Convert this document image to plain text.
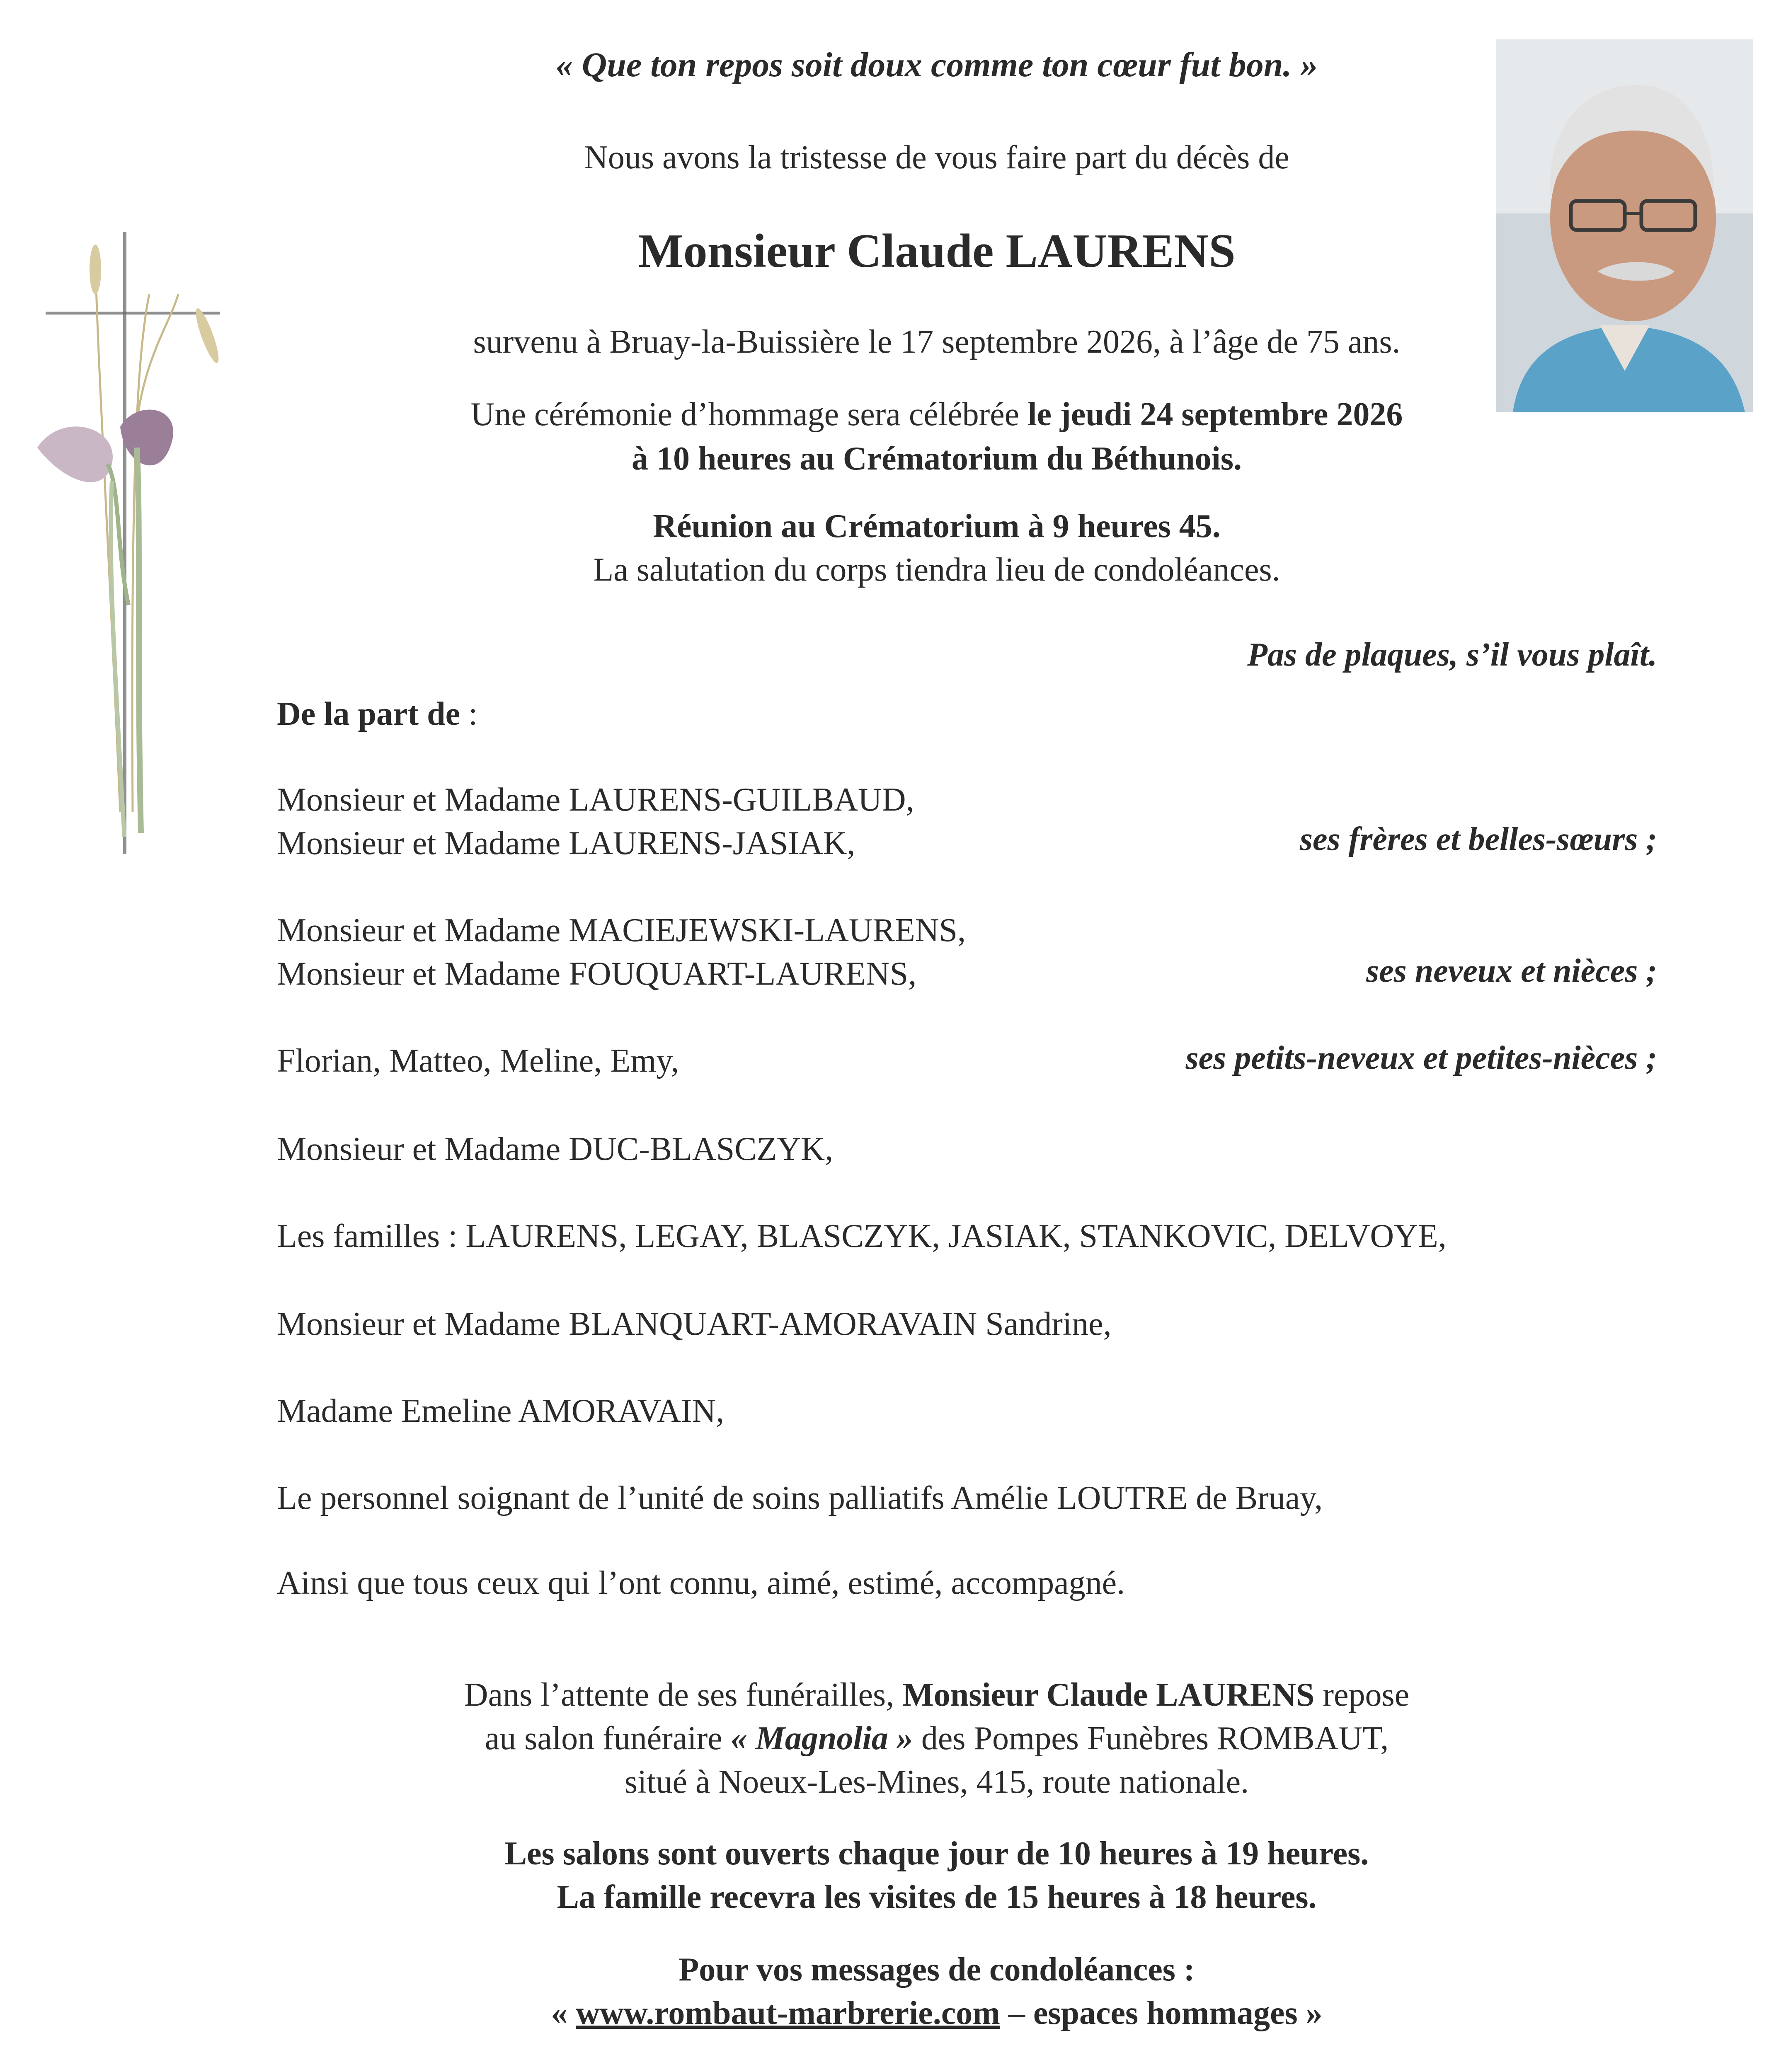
« Que ton repos soit doux comme ton cœur fut bon. »
Nous avons la tristesse de vous faire part du décès de
Monsieur Claude LAURENS
survenu à Bruay-la-Buissière le 17 septembre 2026, à l’âge de 75 ans.
Une cérémonie d’hommage sera célébrée le jeudi 24 septembre 2026
à 10 heures au Crématorium du Béthunois.
Réunion au Crématorium à 9 heures 45.
La salutation du corps tiendra lieu de condoléances.
Pas de plaques, s’il vous plaît.
De la part de :
Monsieur et Madame LAURENS-GUILBAUD,
Monsieur et Madame LAURENS-JASIAK,	ses frères et belles-sœurs ;
Monsieur et Madame MACIEJEWSKI-LAURENS,
Monsieur et Madame FOUQUART-LAURENS,	ses neveux et nièces ;
Florian, Matteo, Meline, Emy,	ses petits-neveux et petites-nièces ;
Monsieur et Madame DUC-BLASCZYK,
Les familles : LAURENS, LEGAY, BLASCZYK, JASIAK, STANKOVIC, DELVOYE,
Monsieur et Madame BLANQUART-AMORAVAIN Sandrine,
Madame Emeline AMORAVAIN,
Le personnel soignant de l’unité de soins palliatifs Amélie LOUTRE de Bruay,
Ainsi que tous ceux qui l’ont connu, aimé, estimé, accompagné.
Dans l’attente de ses funérailles, Monsieur Claude LAURENS repose
au salon funéraire « Magnolia » des Pompes Funèbres ROMBAUT,
situé à Noeux-Les-Mines, 415, route nationale.
Les salons sont ouverts chaque jour de 10 heures à 19 heures.
La famille recevra les visites de 15 heures à 18 heures.
Pour vos messages de condoléances :
« www.rombaut-marbrerie.com – espaces hommages »
